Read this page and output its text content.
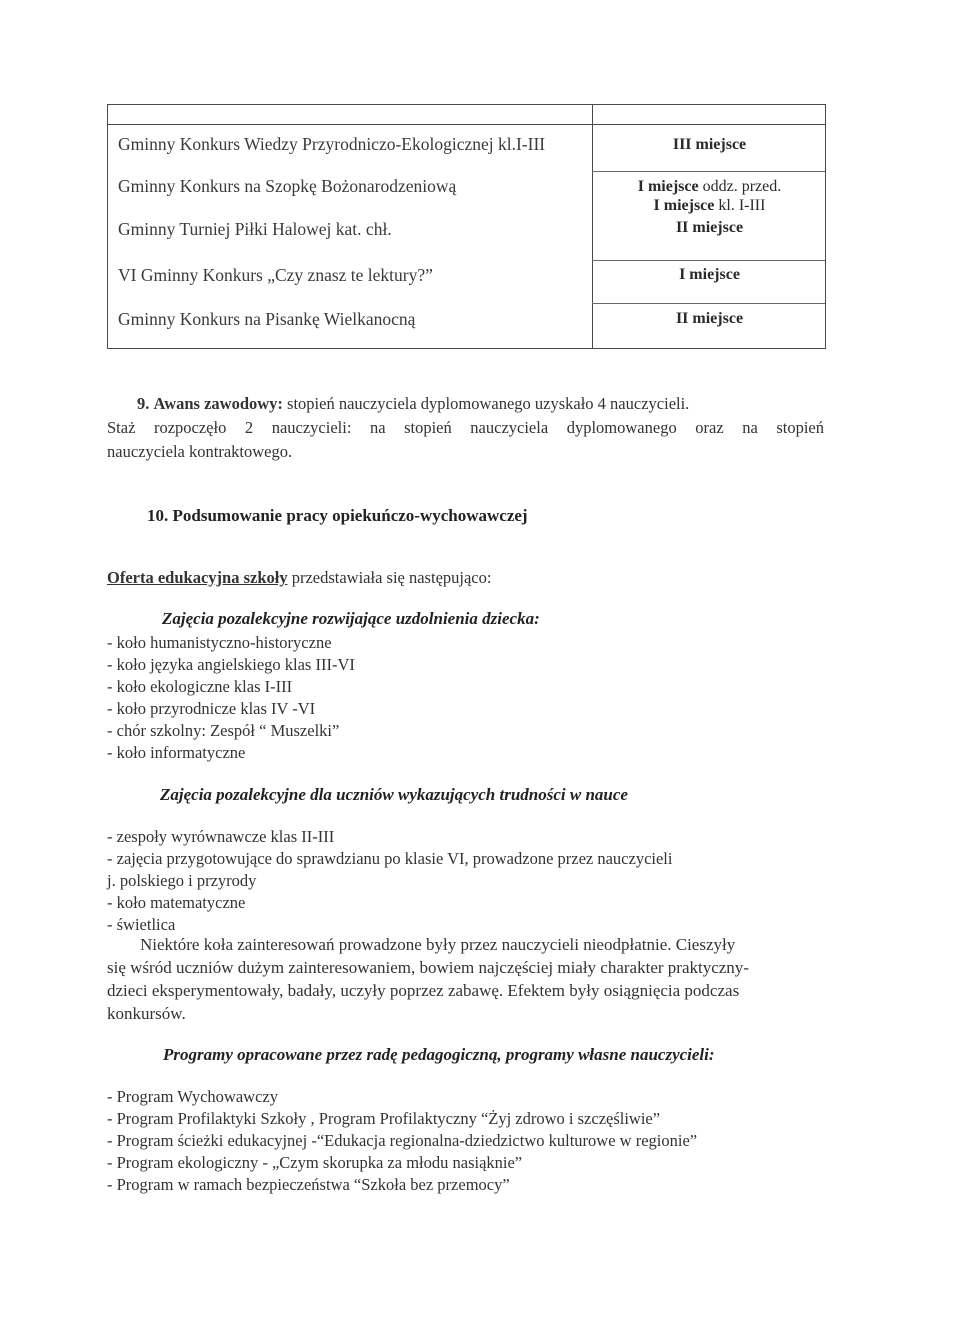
Gminny Konkurs Wiedzy Przyrodniczo-Ekologicznej kl.I-III	III miejsce
Gminny Konkurs na Szopkę Bożonarodzeniową	I miejsce oddz. przed.
I miejsce kl. I-III
Gminny Turniej Piłki Halowej kat. chł.	II miejsce
VI Gminny Konkurs „Czy znasz te lektury?”	I miejsce
Gminny Konkurs na Pisankę Wielkanocną	II miejsce
9. Awans zawodowy: stopień nauczyciela dyplomowanego uzyskało 4 nauczycieli.
Staż rozpoczęło 2 nauczycieli: na stopień nauczyciela dyplomowanego oraz na stopień
nauczyciela kontraktowego.
10. Podsumowanie pracy opiekuńczo-wychowawczej
Oferta edukacyjna szkoły przedstawiała się następująco:
Zajęcia pozalekcyjne rozwijające uzdolnienia dziecka:
- koło humanistyczno-historyczne
- koło języka angielskiego klas III-VI
- koło ekologiczne klas I-III
- koło przyrodnicze klas IV -VI
- chór szkolny: Zespół “ Muszelki”
- koło informatyczne
Zajęcia pozalekcyjne dla uczniów wykazujących trudności w nauce
- zespoły wyrównawcze klas II-III
- zajęcia przygotowujące do sprawdzianu po klasie VI, prowadzone przez nauczycieli
j. polskiego i przyrody
- koło matematyczne
- świetlica
Niektóre koła zainteresowań prowadzone były przez nauczycieli nieodpłatnie. Cieszyły
się wśród uczniów dużym zainteresowaniem, bowiem najczęściej miały charakter praktyczny-
dzieci eksperymentowały, badały, uczyły poprzez zabawę. Efektem były osiągnięcia podczas
konkursów.
Programy opracowane przez radę pedagogiczną, programy własne nauczycieli:
- Program Wychowawczy
- Program Profilaktyki Szkoły , Program Profilaktyczny “Żyj zdrowo i szczęśliwie”
- Program ścieżki edukacyjnej -“Edukacja regionalna-dziedzictwo kulturowe w regionie”
- Program ekologiczny - „Czym skorupka za młodu nasiąknie”
- Program w ramach bezpieczeństwa “Szkoła bez przemocy”
